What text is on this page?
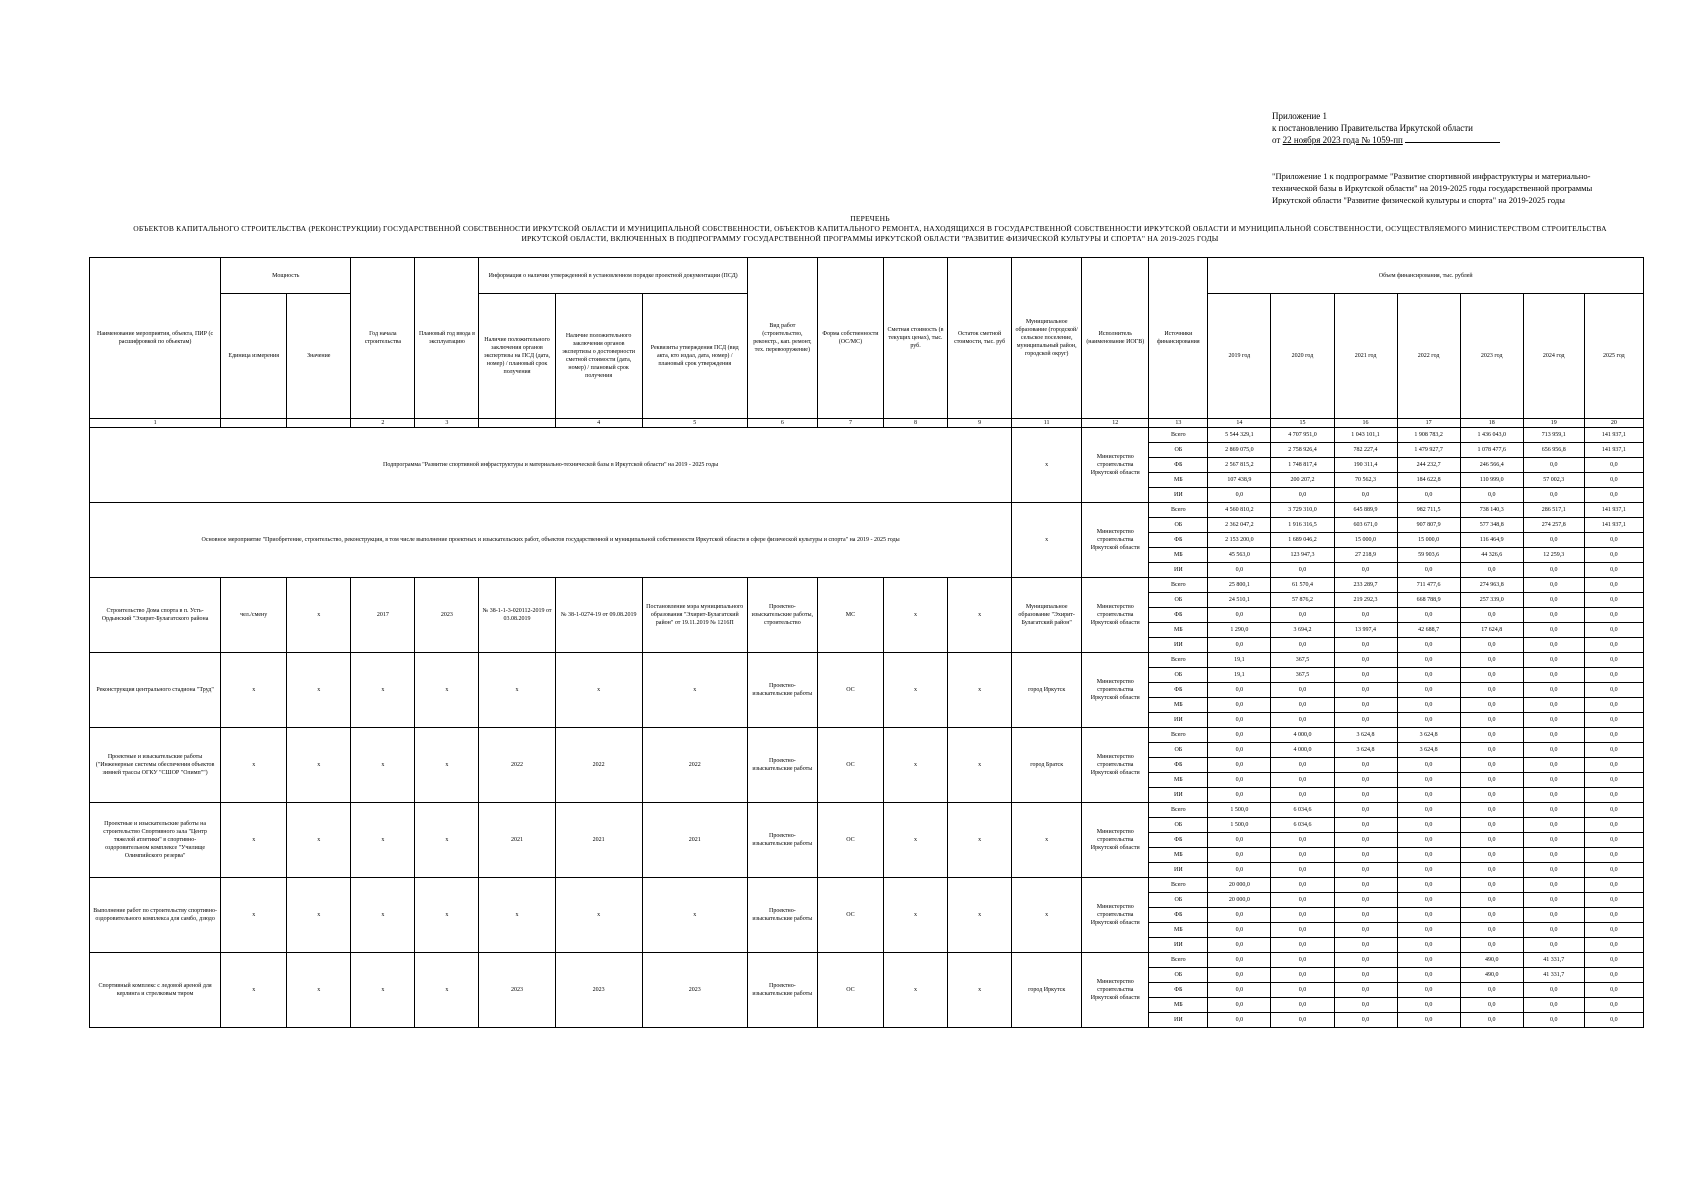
Приложение 1
к постановлению Правительства Иркутской области
от 22 ноября 2023 года № 1059-пп
"Приложение 1 к подпрограмме "Развитие спортивной инфраструктуры и материально-технической базы в Иркутской области" на 2019-2025 годы государственной программы Иркутской области "Развитие физической культуры и спорта" на 2019-2025 годы
ПЕРЕЧЕНЬ
ОБЪЕКТОВ КАПИТАЛЬНОГО СТРОИТЕЛЬСТВА (РЕКОНСТРУКЦИИ) ГОСУДАРСТВЕННОЙ СОБСТВЕННОСТИ ИРКУТСКОЙ ОБЛАСТИ И МУНИЦИПАЛЬНОЙ СОБСТВЕННОСТИ, ОБЪЕКТОВ КАПИТАЛЬНОГО РЕМОНТА, НАХОДЯЩИХСЯ В ГОСУДАРСТВЕННОЙ СОБСТВЕННОСТИ ИРКУТСКОЙ ОБЛАСТИ И МУНИЦИПАЛЬНОЙ СОБСТВЕННОСТИ, ОСУЩЕСТВЛЯЕМОГО МИНИСТЕРСТВОМ СТРОИТЕЛЬСТВА
ИРКУТСКОЙ ОБЛАСТИ, ВКЛЮЧЕННЫХ В ПОДПРОГРАММУ ГОСУДАРСТВЕННОЙ ПРОГРАММЫ ИРКУТСКОЙ ОБЛАСТИ "РАЗВИТИЕ ФИЗИЧЕСКОЙ КУЛЬТУРЫ И СПОРТА" НА 2019-2025 ГОДЫ
Наименование мероприятия, объекта, ПИР (с расшифровкой по объектам)	Мощность		Год начала строительства	Плановый год ввода в эксплуатацию	Информация о наличии утвержденной в установленном порядке проектной документации (ПСД)			Вид работ (строительство, реконстр., кап. ремонт, тех. перевооружение)	Форма собственности (ОС/МС)	Сметная стоимость (в текущих ценах), тыс. руб.	Остаток сметной стоимости, тыс. руб	Муниципальное образование (городской/сельское поселение, муниципальный район, городской округ)	Исполнитель (наименование ИОГВ)	Источники финансирования	Объем финансирования, тыс. рублей						
	Единица измерения	Значение			Наличие положительного заключения органов экспертизы на ПСД (дата, номер) / плановый срок получения	Наличие положительного заключения органов экспертизы о достоверности сметной стоимости (дата, номер) / плановый срок получения	Реквизиты утверждения ПСД (вид акта, кто издал, дата, номер) / плановый срок утверждения								2019 год	2020 год	2021 год	2022 год	2023 год	2024 год	2025 год
1			2	3		4	5	6	7	8	9	11	12	13	14	15	16	17	18	19	20
Подпрограмма "Развитие спортивной инфраструктуры и материально-технической базы в Иркутской области" на 2019 - 2025 годы												х	Министерство строительства Иркутской области	Всего	5 544 329,1	4 707 951,0	1 043 101,1	1 908 783,2	1 436 043,0	713 959,1	141 937,1
														ОБ	2 869 075,0	2 758 926,4	782 227,4	1 479 927,7	1 078 477,6	656 956,8	141 937,1
														ФБ	2 567 815,2	1 748 817,4	190 311,4	244 232,7	246 566,4	0,0	0,0
														МБ	107 438,9	200 207,2	70 562,3	184 622,8	110 999,0	57 002,3	0,0
														ИИ	0,0	0,0	0,0	0,0	0,0	0,0	0,0
Основное мероприятие "Приобретение, строительство, реконструкция, в том числе выполнение проектных и изыскательских работ, объектов государственной и муниципальной собственности Иркутской области в сфере физической культуры и спорта" на 2019 - 2025 годы												х	Министерство строительства Иркутской области	Всего	4 560 810,2	3 729 310,0	645 889,9	982 711,5	738 140,3	286 517,1	141 937,1
														ОБ	2 362 047,2	1 916 316,5	603 671,0	907 807,9	577 348,8	274 257,8	141 937,1
														ФБ	2 153 200,0	1 689 046,2	15 000,0	15 000,0	116 464,9	0,0	0,0
														МБ	45 563,0	123 947,3	27 218,9	59 903,6	44 326,6	12 259,3	0,0
														ИИ	0,0	0,0	0,0	0,0	0,0	0,0	0,0
Строительство Дома спорта в п. Усть-Ордынский "Эхирит-Булагатского района	чел./смену	х	2017	2023	№ 38-1-1-3-020112-2019 от 03.08.2019	№ 38-1-0274-19 от 09.08.2019	Постановление мэра муниципального образования "Эхирит-Булагатский район" от 19.11.2019 № 1216П	Проектно-изыскательские работы, строительство	МС	х	х	Муниципальное образование "Эхирит-Булагатский район"	Министерство строительства Иркутской области	Всего	25 800,1	61 570,4	233 289,7	711 477,6	274 963,8	0,0	0,0
														ОБ	24 510,1	57 876,2	219 292,3	668 788,9	257 339,0	0,0	0,0
														ФБ	0,0	0,0	0,0	0,0	0,0	0,0	0,0
														МБ	1 290,0	3 694,2	13 997,4	42 688,7	17 624,8	0,0	0,0
														ИИ	0,0	0,0	0,0	0,0	0,0	0,0	0,0
Реконструкция центрального стадиона "Труд"	х	х	х	х	х	х	х	Проектно-изыскательские работы	ОС	х	х	город Иркутск	Министерство строительства Иркутской области	Всего	19,1	367,5	0,0	0,0	0,0	0,0	0,0
														ОБ	19,1	367,5	0,0	0,0	0,0	0,0	0,0
														ФБ	0,0	0,0	0,0	0,0	0,0	0,0	0,0
														МБ	0,0	0,0	0,0	0,0	0,0	0,0	0,0
														ИИ	0,0	0,0	0,0	0,0	0,0	0,0	0,0
Проектные и изыскательские работы ("Инженерные системы обеспечения объектов зимней трассы ОГКУ "СШОР "Олимп"")	х	х	х	х	2022	2022	2022	Проектно-изыскательские работы	ОС	х	х	город Братск	Министерство строительства Иркутской области	Всего	0,0	4 000,0	3 624,8	3 624,8	0,0	0,0	0,0
														ОБ	0,0	4 000,0	3 624,8	3 624,8	0,0	0,0	0,0
														ФБ	0,0	0,0	0,0	0,0	0,0	0,0	0,0
														МБ	0,0	0,0	0,0	0,0	0,0	0,0	0,0
														ИИ	0,0	0,0	0,0	0,0	0,0	0,0	0,0
Проектные и изыскательские работы на строительство Спортивного зала "Центр тяжелой атлетики" в спортивно-оздоровительном комплексе "Училище Олимпийского резерва"	х	х	х	х	2021	2021	2021	Проектно-изыскательские работы	ОС	х	х	х	Министерство строительства Иркутской области	Всего	1 500,0	6 034,6	0,0	0,0	0,0	0,0	0,0
														ОБ	1 500,0	6 034,6	0,0	0,0	0,0	0,0	0,0
														ФБ	0,0	0,0	0,0	0,0	0,0	0,0	0,0
														МБ	0,0	0,0	0,0	0,0	0,0	0,0	0,0
														ИИ	0,0	0,0	0,0	0,0	0,0	0,0	0,0
Выполнение работ по строительству спортивно-оздоровительного комплекса для самбо, дзюдо	х	х	х	х	х	х	х	Проектно-изыскательские работы	ОС	х	х	х	Министерство строительства Иркутской области	Всего	20 000,0	0,0	0,0	0,0	0,0	0,0	0,0
														ОБ	20 000,0	0,0	0,0	0,0	0,0	0,0	0,0
														ФБ	0,0	0,0	0,0	0,0	0,0	0,0	0,0
														МБ	0,0	0,0	0,0	0,0	0,0	0,0	0,0
														ИИ	0,0	0,0	0,0	0,0	0,0	0,0	0,0
Спортивный комплекс с ледовой ареной для керлинга и стрелковым тиром	х	х	х	х	2023	2023	2023	Проектно-изыскательские работы	ОС	х	х	город Иркутск	Министерство строительства Иркутской области	Всего	0,0	0,0	0,0	0,0	490,0	41 331,7	0,0
														ОБ	0,0	0,0	0,0	0,0	490,0	41 331,7	0,0
														ФБ	0,0	0,0	0,0	0,0	0,0	0,0	0,0
														МБ	0,0	0,0	0,0	0,0	0,0	0,0	0,0
														ИИ	0,0	0,0	0,0	0,0	0,0	0,0	0,0
